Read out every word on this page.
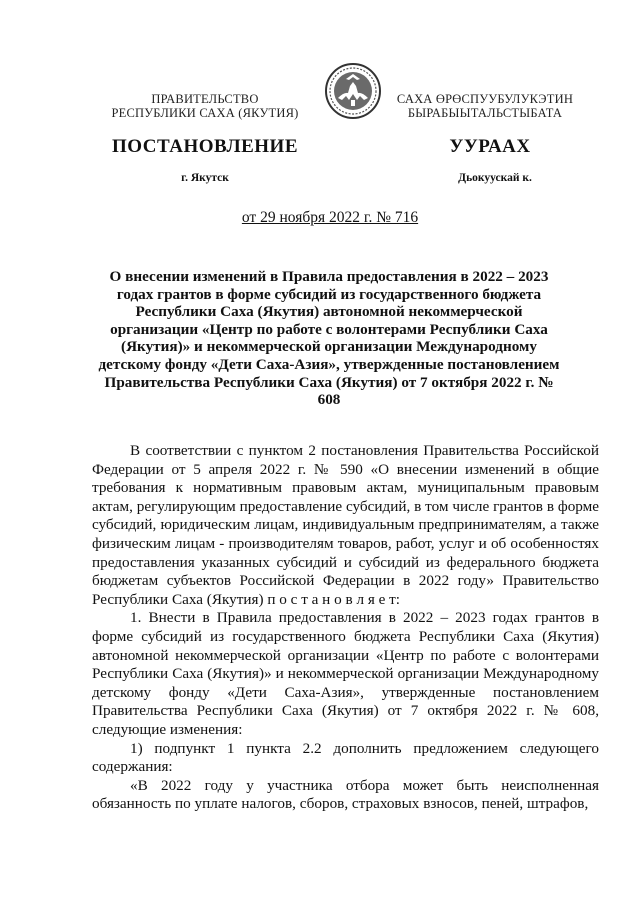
ПРАВИТЕЛЬСТВО
РЕСПУБЛИКИ САХА (ЯКУТИЯ)
САХА ӨРӨСПУУБУЛУКЭТИН
БЫРАБЫЫТАЛЬСТЫБАТА
ПОСТАНОВЛЕНИЕ	УУРААХ
г. Якутск	Дьокуускай к.
от 29 ноября 2022 г. № 716
О внесении изменений в Правила предоставления в 2022 – 2023 годах грантов в форме субсидий из государственного бюджета Республики Саха (Якутия) автономной некоммерческой организации «Центр по работе с волонтерами Республики Саха (Якутия)» и некоммерческой организации Международному детскому фонду «Дети Саха-Азия», утвержденные постановлением Правительства Республики Саха (Якутия) от 7 октября 2022 г. № 608

В соответствии с пунктом 2 постановления Правительства Российской Федерации от 5 апреля 2022 г. № 590 «О внесении изменений в общие требования к нормативным правовым актам, муниципальным правовым актам, регулирующим предоставление субсидий, в том числе грантов в форме субсидий, юридическим лицам, индивидуальным предпринимателям, а также физическим лицам - производителям товаров, работ, услуг и об особенностях предоставления указанных субсидий и субсидий из федерального бюджета бюджетам субъектов Российской Федерации в 2022 году» Правительство Республики Саха (Якутия) п о с т а н о в л я е т:

1. Внести в Правила предоставления в 2022 – 2023 годах грантов в форме субсидий из государственного бюджета Республики Саха (Якутия) автономной некоммерческой организации «Центр по работе с волонтерами Республики Саха (Якутия)» и некоммерческой организации Международному детскому фонду «Дети Саха-Азия», утвержденные постановлением Правительства Республики Саха (Якутия) от 7 октября 2022 г. № 608, следующие изменения:

1) подпункт 1 пункта 2.2 дополнить предложением следующего содержания:

«В 2022 году у участника отбора может быть неисполненная обязанность по уплате налогов, сборов, страховых взносов, пеней, штрафов,
